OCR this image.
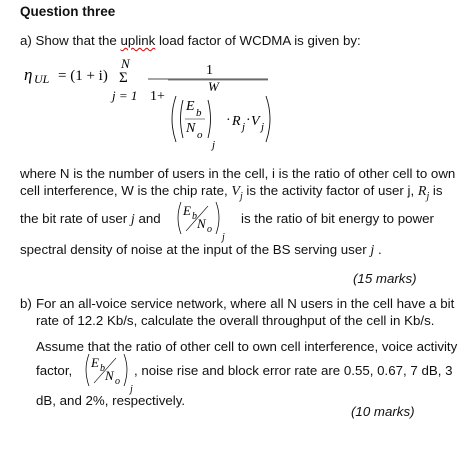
Question three
a) Show that the uplink load factor of WCDMA is given by:
η UL = (1 + i)
N
Σ
j = 1
1
1+
W
E b
N o
j
· R j · V j
where N is the number of users in the cell, i is the ratio of other cell to own
cell interference, W is the chip rate, $V_j$ is the activity factor of user j, $R_j$ is
the bit rate of user j and
E b N o
j
is the ratio of bit energy to power
spectral density of noise at the input of the BS serving user j .
(15 marks)
b) For an all-voice service network, where all N users in the cell have a bit
rate of 12.2 Kb/s, calculate the overall throughput of the cell in Kb/s.
Assume that the ratio of other cell to own cell interference, voice activity
factor,
E b N o
j
, noise rise and block error rate are 0.55, 0.67, 7 dB, 3
dB, and 2%, respectively.
(10 marks)
